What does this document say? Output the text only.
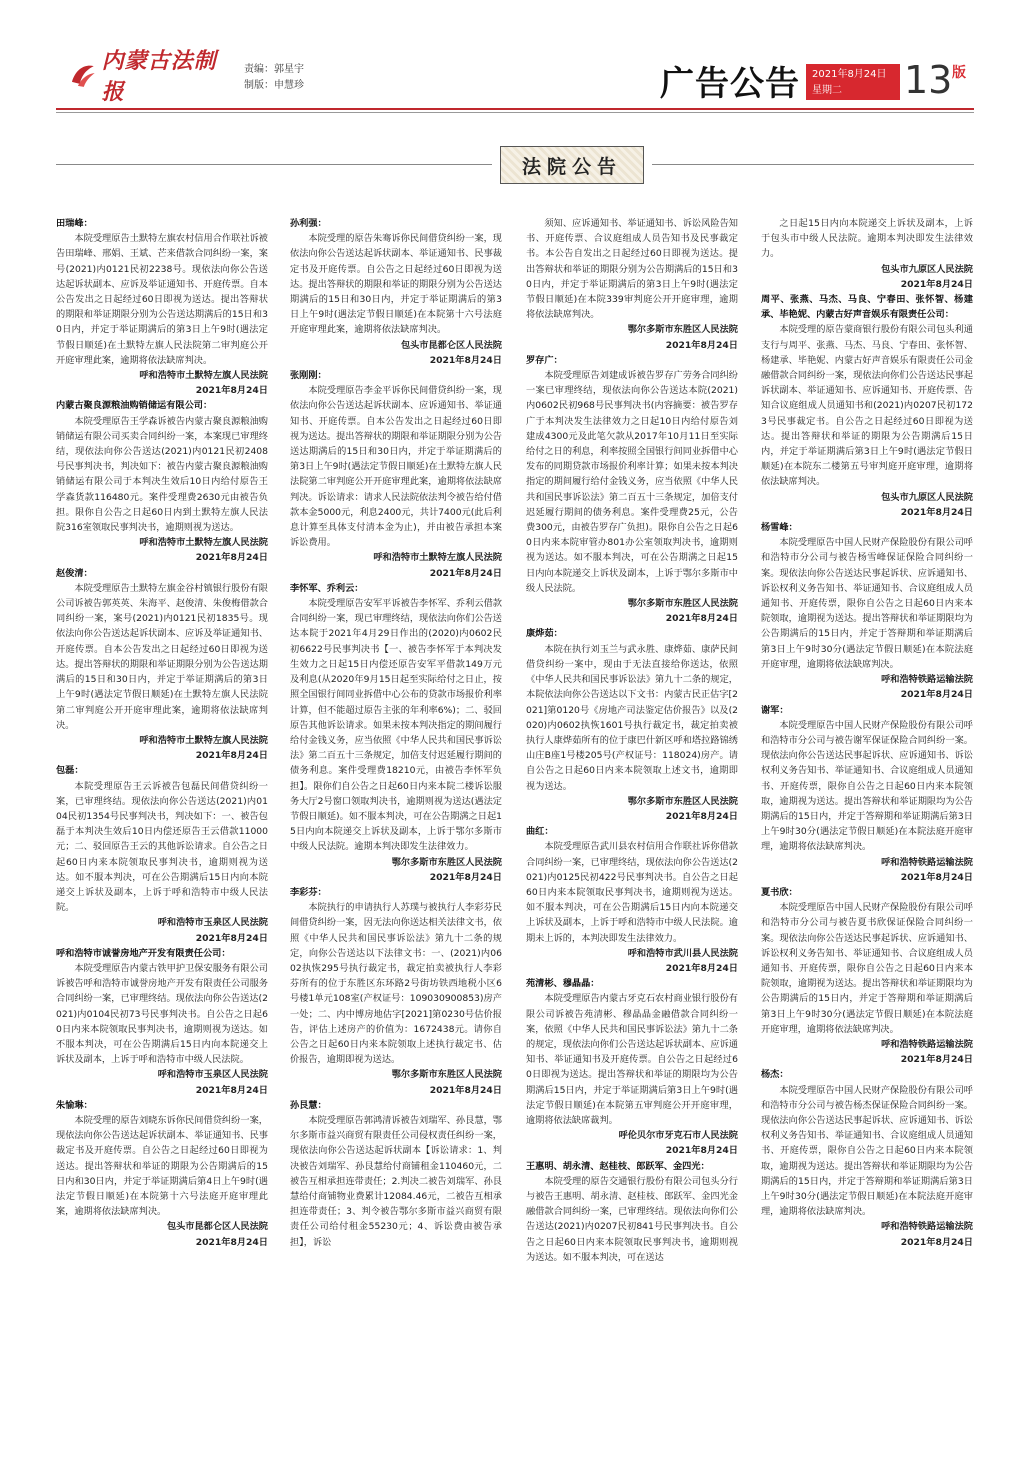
内蒙古法制报
责编：郭星宇
制版：申慧珍	广告公告 2021年8月24日
星期二	13 版
法院公告

田瑞峰：

本院受理原告土默特左旗农村信用合作联社诉被告田瑞峰、邢娟、王斌、芒来借款合同纠纷一案，案号(2021)内0121民初2238号。现依法向你公告送达起诉状副本、应诉及举证通知书、开庭传票。自本公告发出之日起经过60日即视为送达。提出答辩状的期限和举证期限分别为公告送达期满后的15日和30日内，并定于举证期满后的第3日上午9时(遇法定节假日顺延)在土默特左旗人民法院第二审判庭公开开庭审理此案，逾期将依法缺席判决。

呼和浩特市土默特左旗人民法院

2021年8月24日

内蒙古聚良源粮油购销储运有限公司：

本院受理原告王学森诉被告内蒙古聚良源粮油购销储运有限公司买卖合同纠纷一案，本案现已审理终结，现依法向你公告送达(2021)内0121民初2408号民事判决书，判决如下：被告内蒙古聚良源粮油购销储运有限公司于本判决生效后10日内给付原告王学森货款116480元。案件受理费2630元由被告负担。限你自公告之日起60日内到土默特左旗人民法院316室领取民事判决书，逾期则视为送达。

呼和浩特市土默特左旗人民法院

2021年8月24日

赵俊清：

本院受理原告土默特左旗金谷村镇银行股份有限公司诉被告郭英英、朱海平、赵俊清、朱俊梅借款合同纠纷一案，案号(2021)内0121民初1835号。现依法向你公告送达起诉状副本、应诉及举证通知书、开庭传票。自本公告发出之日起经过60日即视为送达。提出答辩状的期限和举证期限分别为公告送达期满后的15日和30日内，并定于举证期满后的第3日上午9时(遇法定节假日顺延)在土默特左旗人民法院第二审判庭公开开庭审理此案，逾期将依法缺席判决。

呼和浩特市土默特左旗人民法院

2021年8月24日

包磊：

本院受理原告王云诉被告包磊民间借贷纠纷一案，已审理终结。现依法向你公告送达(2021)内0104民初1354号民事判决书，判决如下：一、被告包磊于本判决生效后10日内偿还原告王云借款11000元；二、驳回原告王云的其他诉讼请求。自公告之日起60日内来本院领取民事判决书，逾期则视为送达。如不服本判决，可在公告期满后15日内向本院递交上诉状及副本，上诉于呼和浩特市中级人民法院。

呼和浩特市玉泉区人民法院

2021年8月24日

呼和浩特市诚誉房地产开发有限责任公司：

本院受理原告内蒙古铁甲护卫保安服务有限公司诉被告呼和浩特市诚誉房地产开发有限责任公司服务合同纠纷一案，已审理终结。现依法向你公告送达(2021)内0104民初73号民事判决书。自公告之日起60日内来本院领取民事判决书，逾期则视为送达。如不服本判决，可在公告期满后15日内向本院递交上诉状及副本，上诉于呼和浩特市中级人民法院。

呼和浩特市玉泉区人民法院

2021年8月24日

朱愉琳：

本院受理的原告刘晓东诉你民间借贷纠纷一案，现依法向你公告送达起诉状副本、举证通知书、民事裁定书及开庭传票。自公告之日起经过60日即视为送达。提出答辩状和举证的期限为公告期满后的15日内和30日内，并定于举证期满后第4日上午9时(遇法定节假日顺延)在本院第十六号法庭开庭审理此案，逾期将依法缺席判决。

包头市昆都仑区人民法院

2021年8月24日

孙利强：

本院受理的原告朱骞诉你民间借贷纠纷一案，现依法向你公告送达起诉状副本、举证通知书、民事裁定书及开庭传票。自公告之日起经过60日即视为送达。提出答辩状的期限和举证的期限分别为公告送达期满后的15日和30日内，并定于举证期满后的第3日上午9时(遇法定节假日顺延)在本院第十六号法庭开庭审理此案，逾期将依法缺席判决。

包头市昆都仑区人民法院

2021年8月24日

张刚刚：

本院受理原告李金平诉你民间借贷纠纷一案，现依法向你公告送达起诉状副本、应诉通知书、举证通知书、开庭传票。自本公告发出之日起经过60日即视为送达。提出答辩状的期限和举证期限分别为公告送达期满后的15日和30日内，并定于举证期满后的第3日上午9时(遇法定节假日顺延)在土默特左旗人民法院第二审判庭公开开庭审理此案，逾期将依法缺席判决。诉讼请求：请求人民法院依法判令被告给付借款本金5000元，利息2400元，共计7400元(此后利息计算至具体支付清本金为止)，并由被告承担本案诉讼费用。

呼和浩特市土默特左旗人民法院

2021年8月24日

李怀军、乔利云：

本院受理原告安军平诉被告李怀军、乔利云借款合同纠纷一案，现已审理终结，现依法向你们公告送达本院于2021年4月29日作出的(2020)内0602民初6622号民事判决书【一、被告李怀军于本判决发生效力之日起15日内偿还原告安军平借款149万元及利息(从2020年9月15日起至实际给付之日止，按照全国银行间同业拆借中心公布的贷款市场报价利率计算，但不能超过原告主张的年利率6%)；二、驳回原告其他诉讼请求。如果未按本判决指定的期间履行给付金钱义务，应当依照《中华人民共和国民事诉讼法》第二百五十三条规定，加倍支付迟延履行期间的债务利息。案件受理费18210元，由被告李怀军负担】。限你们自公告之日起60日内来本院二楼诉讼服务大厅2号窗口领取判决书，逾期则视为送达(遇法定节假日顺延)。如不服本判决，可在公告期满之日起15日内向本院递交上诉状及副本，上诉于鄂尔多斯市中级人民法院。逾期本判决即发生法律效力。

鄂尔多斯市东胜区人民法院

2021年8月24日

李彩芬：

本院执行的申请执行人苏璞与被执行人李彩芬民间借贷纠纷一案，因无法向你送达相关法律文书，依照《中华人民共和国民事诉讼法》第九十二条的规定，向你公告送达以下法律文书：一、(2021)内0602执恢295号执行裁定书，裁定拍卖被执行人李彩芬所有的位于东胜区东环路2号街坊铁西地税小区6号楼1单元108室(产权证号：109030900853)房产一处；二、内中博房地估字[2021]第0230号估价报告，评估上述房产的价值为：1672438元。请你自公告之日起60日内来本院领取上述执行裁定书、估价报告，逾期即视为送达。

鄂尔多斯市东胜区人民法院

2021年8月24日

孙艮慧：

本院受理原告郭鸿清诉被告刘瑞军、孙艮慧，鄂尔多斯市益兴商贸有限责任公司侵权责任纠纷一案，现依法向你公告送达起诉状副本【诉讼请求：1、判决被告刘瑞军、孙艮慧给付商铺租金110460元，二被告互相承担连带责任；2.判决二被告刘瑞军、孙艮慧给付商铺物业费累计12084.46元，二被告互相承担连带责任；3、判令被告鄂尔多斯市益兴商贸有限责任公司给付租金55230元；4、诉讼费由被告承担】，诉讼

须知、应诉通知书、举证通知书、诉讼风险告知书、开庭传票、合议庭组成人员告知书及民事裁定书。本公告自发出之日起经过60日即视为送达。提出答辩状和举证的期限分别为公告期满后的15日和30日内，并定于举证期满后的第3日上午9时(遇法定节假日顺延)在本院339审判庭公开开庭审理，逾期将依法缺席判决。

鄂尔多斯市东胜区人民法院

2021年8月24日

罗存广：

本院受理原告刘建成诉被告罗存广劳务合同纠纷一案已审理终结，现依法向你公告送达本院(2021)内0602民初968号民事判决书(内容摘要：被告罗存广于本判决发生法律效力之日起10日内给付原告刘建成4300元及此笔欠款从2017年10月11日至实际给付之日的利息，利率按照全国银行间同业拆借中心发布的同期贷款市场报价利率计算；如果未按本判决指定的期间履行给付金钱义务，应当依照《中华人民共和国民事诉讼法》第二百五十三条规定，加倍支付迟延履行期间的债务利息。案件受理费25元，公告费300元，由被告罗存广负担)。限你自公告之日起60日内来本院审管办801办公室领取判决书，逾期则视为送达。如不服本判决，可在公告期满之日起15日内向本院递交上诉状及副本，上诉于鄂尔多斯市中级人民法院。

鄂尔多斯市东胜区人民法院

2021年8月24日

康烨茹：

本院在执行刘玉兰与武永胜、康烨茹、康萨民间借贷纠纷一案中，现由于无法直接给你送达，依照《中华人民共和国民事诉讼法》第九十二条的规定，本院依法向你公告送达以下文书：内蒙古民正估字[2021]第0120号《房地产司法鉴定估价报告》以及(2020)内0602执恢1601号执行裁定书，裁定拍卖被执行人康烨茹所有的位于康巴什新区呼和塔拉路锦绣山庄B座1号楼205号(产权证号：118024)房产。请自公告之日起60日内来本院领取上述文书，逾期即视为送达。

鄂尔多斯市东胜区人民法院

2021年8月24日

曲红：

本院受理原告武川县农村信用合作联社诉你借款合同纠纷一案，已审理终结，现依法向你公告送达(2021)内0125民初422号民事判决书。自公告之日起60日内来本院领取民事判决书，逾期则视为送达。如不服本判决，可在公告期满后15日内向本院递交上诉状及副本，上诉于呼和浩特市中级人民法院。逾期未上诉的，本判决即发生法律效力。

呼和浩特市武川县人民法院

2021年8月24日

苑清彬、穆晶晶：

本院受理原告内蒙古牙克石农村商业银行股份有限公司诉被告苑清彬、穆晶晶金融借款合同纠纷一案，依照《中华人民共和国民事诉讼法》第九十二条的规定，现依法向你们公告送达起诉状副本、应诉通知书、举证通知书及开庭传票。自公告之日起经过60日即视为送达。提出答辩状和举证的期限均为公告期满后15日内，并定于举证期满后第3日上午9时(遇法定节假日顺延)在本院第五审判庭公开开庭审理，逾期将依法缺席裁判。

呼伦贝尔市牙克石市人民法院

2021年8月24日

王惠明、胡永清、赵桂枝、郎跃军、金四光：

本院受理的原告交通银行股份有限公司包头分行与被告王惠明、胡永清、赵桂枝、郎跃军、金四光金融借款合同纠纷一案，已审理终结。现依法向你们公告送达(2021)内0207民初841号民事判决书。自公告之日起60日内来本院领取民事判决书，逾期则视为送达。如不服本判决，可在送达

之日起15日内向本院递交上诉状及副本，上诉于包头市中级人民法院。逾期本判决即发生法律效力。

包头市九原区人民法院

2021年8月24日

周平、张燕、马杰、马良、宁春田、张怀智、杨建承、毕艳妮、内蒙古好声音娱乐有限责任公司：

本院受理的原告蒙商银行股份有限公司包头利通支行与周平、张燕、马杰、马良、宁春田、张怀智、杨建承、毕艳妮、内蒙古好声音娱乐有限责任公司金融借款合同纠纷一案，现依法向你们公告送达民事起诉状副本、举证通知书、应诉通知书、开庭传票、告知合议庭组成人员通知书和(2021)内0207民初1723号民事裁定书。自公告之日起经过60日即视为送达。提出答辩状和举证的期限为公告期满后15日内，并定于举证期满后第3日上午9时(遇法定节假日顺延)在本院东二楼第五号审判庭开庭审理，逾期将依法缺席判决。

包头市九原区人民法院

2021年8月24日

杨雪峰：

本院受理原告中国人民财产保险股份有限公司呼和浩特市分公司与被告杨雪峰保证保险合同纠纷一案。现依法向你公告送达民事起诉状、应诉通知书、诉讼权利义务告知书、举证通知书、合议庭组成人员通知书、开庭传票，限你自公告之日起60日内来本院领取，逾期视为送达。提出答辩状和举证期限均为公告期满后的15日内，并定于答辩期和举证期满后第3日上午9时30分(遇法定节假日顺延)在本院法庭开庭审理，逾期将依法缺席判决。

呼和浩特铁路运输法院

2021年8月24日

谢军：

本院受理原告中国人民财产保险股份有限公司呼和浩特市分公司与被告谢军保证保险合同纠纷一案。现依法向你公告送达民事起诉状、应诉通知书、诉讼权利义务告知书、举证通知书、合议庭组成人员通知书、开庭传票，限你自公告之日起60日内来本院领取，逾期视为送达。提出答辩状和举证期限均为公告期满后的15日内，并定于答辩期和举证期满后第3日上午9时30分(遇法定节假日顺延)在本院法庭开庭审理，逾期将依法缺席判决。

呼和浩特铁路运输法院

2021年8月24日

夏书欣：

本院受理原告中国人民财产保险股份有限公司呼和浩特市分公司与被告夏书欣保证保险合同纠纷一案。现依法向你公告送达民事起诉状、应诉通知书、诉讼权利义务告知书、举证通知书、合议庭组成人员通知书、开庭传票，限你自公告之日起60日内来本院领取，逾期视为送达。提出答辩状和举证期限均为公告期满后的15日内，并定于答辩期和举证期满后第3日上午9时30分(遇法定节假日顺延)在本院法庭开庭审理，逾期将依法缺席判决。

呼和浩特铁路运输法院

2021年8月24日

杨杰：

本院受理原告中国人民财产保险股份有限公司呼和浩特市分公司与被告杨杰保证保险合同纠纷一案。现依法向你公告送达民事起诉状、应诉通知书、诉讼权利义务告知书、举证通知书、合议庭组成人员通知书、开庭传票，限你自公告之日起60日内来本院领取，逾期视为送达。提出答辩状和举证期限均为公告期满后的15日内，并定于答辩期和举证期满后第3日上午9时30分(遇法定节假日顺延)在本院法庭开庭审理，逾期将依法缺席判决。

呼和浩特铁路运输法院

2021年8月24日
